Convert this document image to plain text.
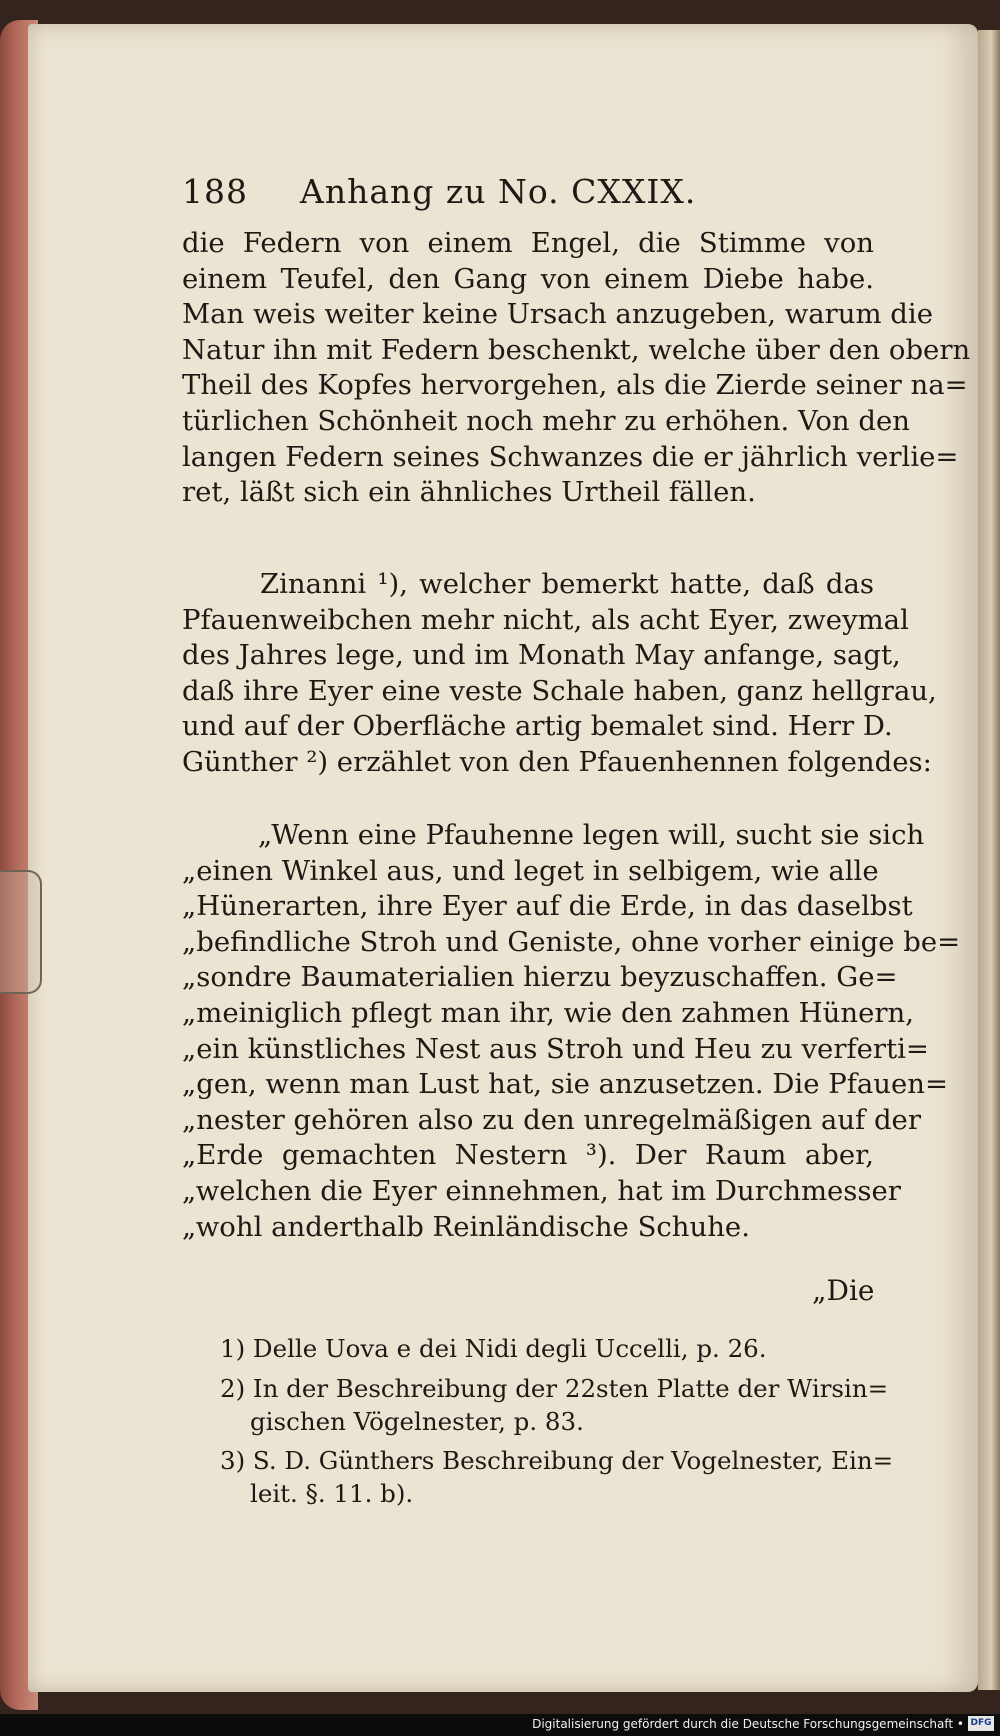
188 Anhang zu No. CXXIX.
die Federn von einem Engel, die Stimme von
einem Teufel, den Gang von einem Diebe habe.
Man weis weiter keine Ursach anzugeben, warum die
Natur ihn mit Federn beschenkt, welche über den obern
Theil des Kopfes hervorgehen, als die Zierde seiner na=
türlichen Schönheit noch mehr zu erhöhen. Von den
langen Federn seines Schwanzes die er jährlich verlie=
ret, läßt sich ein ähnliches Urtheil fällen.
Zinanni ¹), welcher bemerkt hatte, daß das
Pfauenweibchen mehr nicht, als acht Eyer, zweymal
des Jahres lege, und im Monath May anfange, sagt,
daß ihre Eyer eine veste Schale haben, ganz hellgrau,
und auf der Oberfläche artig bemalet sind. Herr D.
Günther ²) erzählet von den Pfauenhennen folgendes:
„Wenn eine Pfauhenne legen will, sucht sie sich
„einen Winkel aus, und leget in selbigem, wie alle
„Hünerarten, ihre Eyer auf die Erde, in das daselbst
„befindliche Stroh und Geniste, ohne vorher einige be=
„sondre Baumaterialien hierzu beyzuschaffen. Ge=
„meiniglich pflegt man ihr, wie den zahmen Hünern,
„ein künstliches Nest aus Stroh und Heu zu verferti=
„gen, wenn man Lust hat, sie anzusetzen. Die Pfauen=
„nester gehören also zu den unregelmäßigen auf der
„Erde gemachten Nestern ³). Der Raum aber,
„welchen die Eyer einnehmen, hat im Durchmesser
„wohl anderthalb Reinländische Schuhe.
„Die
1) Delle Uova e dei Nidi degli Uccelli, p. 26.
2) In der Beschreibung der 22sten Platte der Wirsin=
gischen Vögelnester, p. 83.
3) S. D. Günthers Beschreibung der Vogelnester, Ein=
leit. §. 11. b).
Digitalisierung gefördert durch die Deutsche Forschungsgemeinschaft • DFG
